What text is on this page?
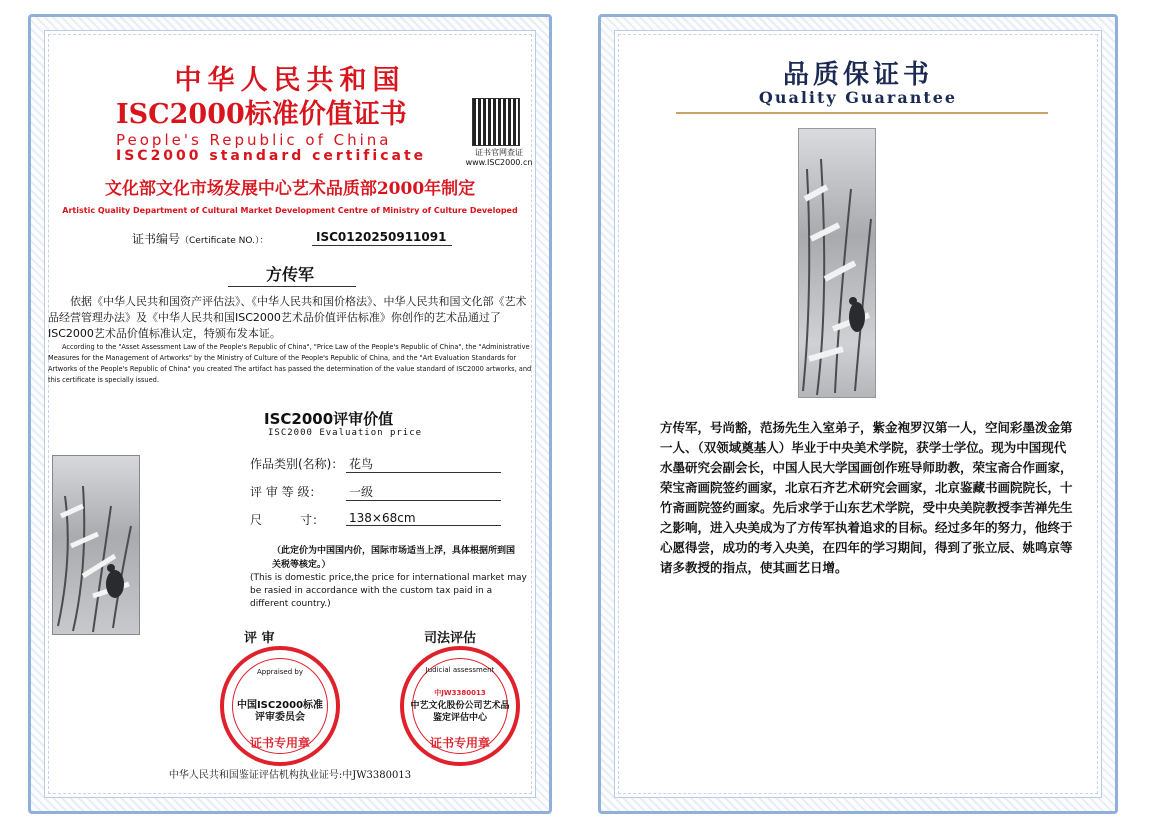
中华人民共和国
ISC2000标准价值证书
People's Republic of China
ISC2000 standard certificate	证书官网查证
www.ISC2000.cn
文化部文化市场发展中心艺术品质部2000年制定
Artistic Quality Department of Cultural Market Development Centre of Ministry of Culture Developed
证书编号（Certificate NO.）：	ISC0120250911091
方传军
依据《中华人民共和国资产评估法》、《中华人民共和国价格法》、中华人民共和国文化部《艺术品经营管理办法》及《中华人民共和国ISC2000艺术品价值评估标准》你创作的艺术品通过了ISC2000艺术品价值标准认定，特颁布发本证。
According to the "Asset Assessment Law of the People's Republic of China", "Price Law of the People's Republic of China", the "Administrative Measures for the Management of Artworks" by the Ministry of Culture of the People's Republic of China, and the "Art Evaluation Standards for Artworks of the People's Republic of China" you created The artifact has passed the determination of the value standard of ISC2000 artworks, and this certificate is specially issued.
ISC2000评审价值
ISC2000 Evaluation price
作品类别(名称)： 花鸟
评 审 等 级： 一级
尺          寸： 138×68cm
（此定价为中国国内价，国际市场适当上浮，具体根据所到国关税等核定。）
(This is domestic price,the price for international market may be rasied in accordance with the custom tax paid in a different country.)
评 审	司法评估
Appraised by
中国ISC2000标准
评审委员会
证书专用章
Judicial assessment
中JW3380013
中艺文化股份公司艺术品
鉴定评估中心
证书专用章
中华人民共和国鉴证评估机构执业证号:中JW3380013
品质保证书
Quality Guarantee
方传军，号尚豁，范扬先生入室弟子，紫金袍罗汉第一人，空间彩墨泼金第一人、（双领域奠基人）毕业于中央美术学院，获学士学位。现为中国现代水墨研究会副会长，中国人民大学国画创作班导师助教，荣宝斋合作画家，荣宝斋画院签约画家，北京石齐艺术研究会画家，北京鉴藏书画院院长，十竹斋画院签约画家。先后求学于山东艺术学院，受中央美院教授李苦禅先生之影响，进入央美成为了方传军执着追求的目标。经过多年的努力，他终于心愿得尝，成功的考入央美，在四年的学习期间，得到了张立辰、姚鸣京等诸多教授的指点，使其画艺日增。
